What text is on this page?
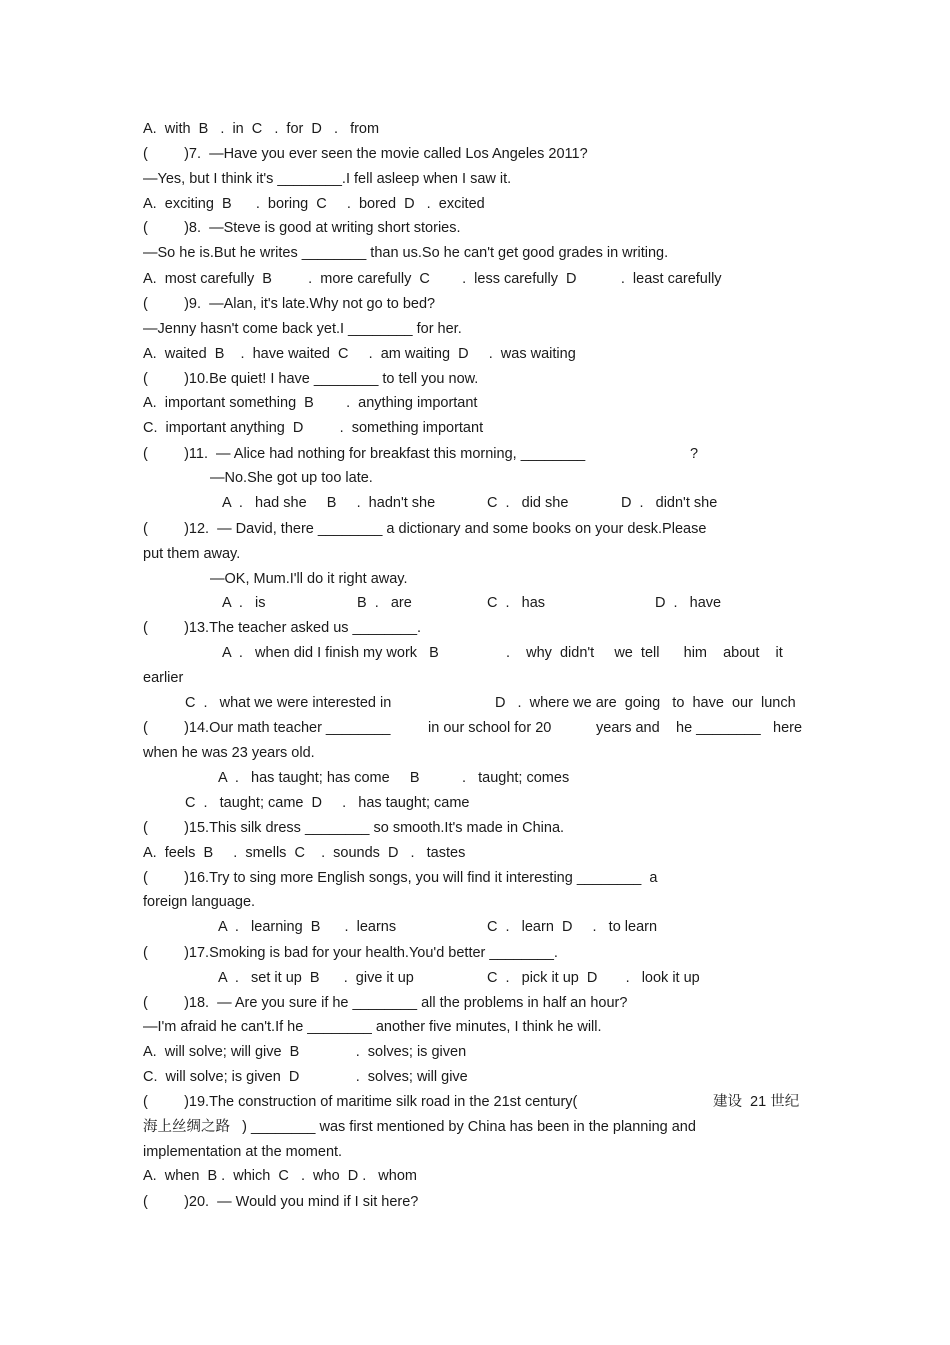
A.  with  B   .  in  C   .  for  D   .   from
(         )7.  —Have you ever seen the movie called Los Angeles 2011?
—Yes, but I think it's ________.I fell asleep when I saw it.
A.  exciting  B      .  boring  C     .  bored  D   .  excited
(         )8.  —Steve is good at writing short stories.
—So he is.But he writes ________ than us.So he can't get good grades in writing.
A.  most carefully  B         .  more carefully  C        .  less carefully  D           .  least carefully
(         )9.  —Alan, it's late.Why not go to bed?
—Jenny hasn't come back yet.I ________ for her.
A.  waited  B    .  have waited  C     .  am waiting  D     .  was waiting
(         )10.Be quiet! I have ________ to tell you now.
A.  important something  B        .  anything important
C.  important anything  D         .  something important
(         )11.  — Alice had nothing for breakfast this morning, ________	?
—No.She got up too late.
A  .   had she     B     .  hadn't she	C  .   did she	D  .   didn't she
(         )12.  — David, there ________ a dictionary and some books on your desk.Please
put them away.
—OK, Mum.I'll do it right away.
A  .   is	B  .   are	C  .   has	D  .   have
(         )13.The teacher asked us ________.
A  .   when did I finish my work   B	.    why  didn't     we  tell      him    about    it
earlier
C  .   what we were interested in	D   .  where we are  going   to  have  our  lunch
(         )14.Our math teacher ________	in our school for 20	years and he ________ here
when he was 23 years old.
A  .   has taught; has come     B	.   taught; comes
C  .   taught; came  D     .   has taught; came
(         )15.This silk dress ________ so smooth.It's made in China.
A.  feels  B     .  smells  C    .  sounds  D   .   tastes
(         )16.Try to sing more English songs, you will find it interesting ________  a
foreign language.
A  .   learning  B      .  learns	C  .   learn  D     .   to learn
(         )17.Smoking is bad for your health.You'd better ________.
A  .   set it up  B      .  give it up	C  .   pick it up  D       .   look it up
(         )18.  — Are you sure if he ________ all the problems in half an hour?
—I'm afraid he can't.If he ________ another five minutes, I think he will.
A.  will solve; will give  B              .  solves; is given
C.  will solve; is given  D              .  solves; will give
(         )19.The construction of maritime silk road in the 21st century(	建设  21 世纪
海上丝绸之路   ) ________ was first mentioned by China has been in the planning and
implementation at the moment.
A.  when  B .  which  C   .  who  D .   whom
(         )20.  — Would you mind if I sit here?
